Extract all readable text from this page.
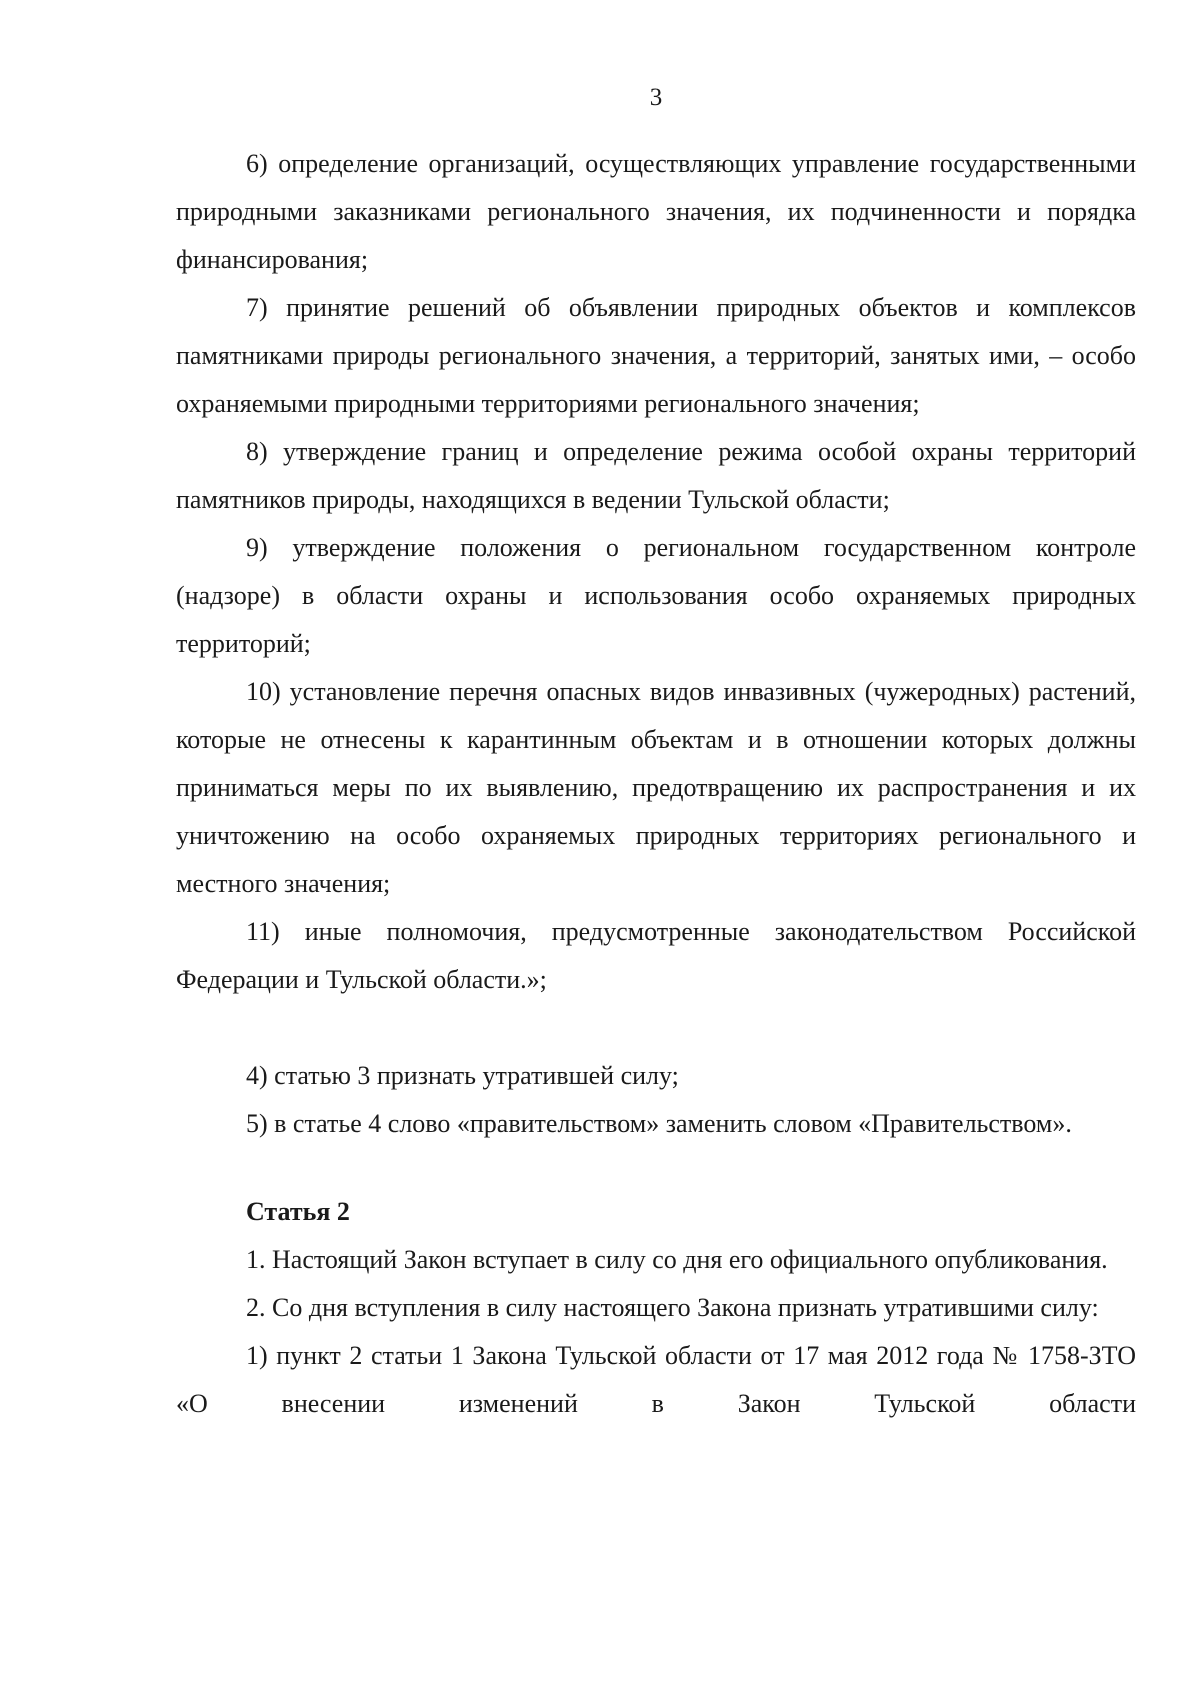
3

6) определение организаций, осуществляющих управление государственными природными заказниками регионального значения, их подчиненности и порядка финансирования;

7) принятие решений об объявлении природных объектов и комплексов памятниками природы регионального значения, а территорий, занятых ими, – особо охраняемыми природными территориями регионального значения;

8) утверждение границ и определение режима особой охраны территорий памятников природы, находящихся в ведении Тульской области;

9) утверждение положения о региональном государственном контроле (надзоре) в области охраны и использования особо охраняемых природных территорий;

10) установление перечня опасных видов инвазивных (чужеродных) растений, которые не отнесены к карантинным объектам и в отношении которых должны приниматься меры по их выявлению, предотвращению их распространения и их уничтожению на особо охраняемых природных территориях регионального и местного значения;

11) иные полномочия, предусмотренные законодательством Российской Федерации и Тульской области.»;

4) статью 3 признать утратившей силу;

5) в статье 4 слово «правительством» заменить словом «Правительством».

Статья 2

1. Настоящий Закон вступает в силу со дня его официального опубликования.

2. Со дня вступления в силу настоящего Закона признать утратившими силу:

1) пункт 2 статьи 1 Закона Тульской области от 17 мая 2012 года № 1758-ЗТО «О внесении изменений в Закон Тульской области
